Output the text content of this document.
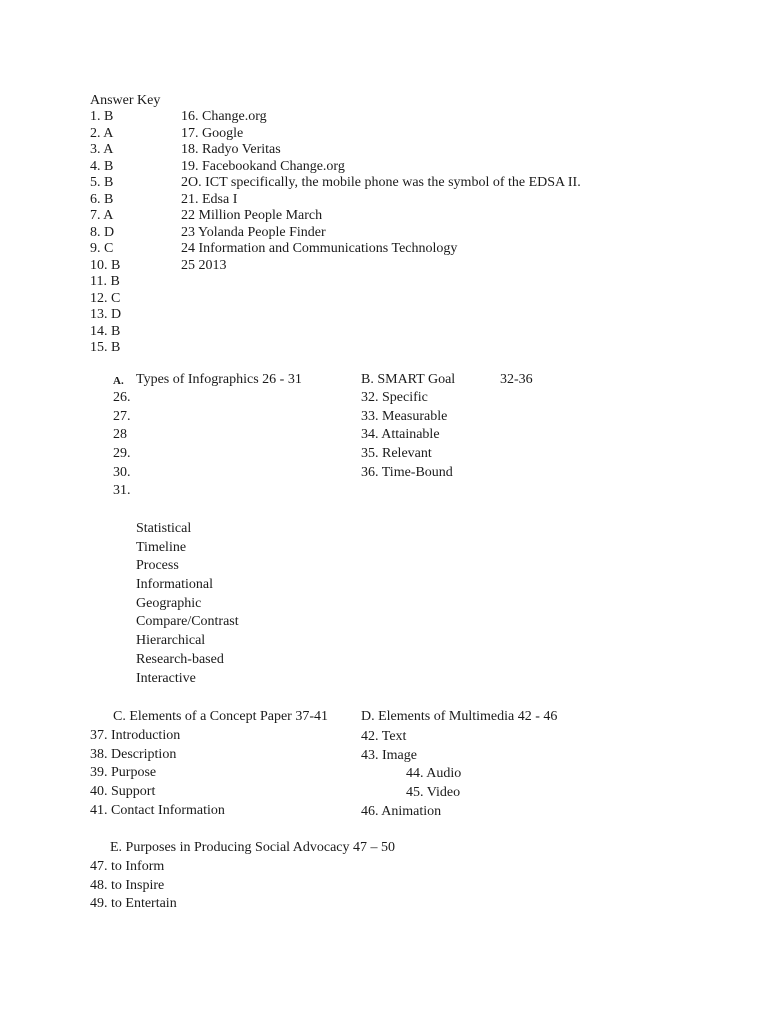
Answer Key
1. B
2. A
3. A
4. B
5. B
6. B
7. A
8. D
9. C
10. B
11. B
12. C
13. D
14. B
15. B
16. Change.org
17. Google
18. Radyo Veritas
19. Facebookand Change.org
2O. ICT specifically, the mobile phone was the symbol of the EDSA II.
21. Edsa I
22 Million People March
23 Yolanda People Finder
24 Information and Communications Technology
25 2013
A. Types of Infographics 26 - 31
26.
27.
28
29.
30.
31.
B. SMART Goal	32-36
32. Specific
33. Measurable
34. Attainable
35. Relevant
36. Time-Bound
Statistical
Timeline
Process
Informational
Geographic
Compare/Contrast
Hierarchical
Research-based
Interactive
C. Elements of a Concept Paper 37-41
37. Introduction
38. Description
39. Purpose
40. Support
41. Contact Information
D. Elements of Multimedia 42 - 46
42. Text
43. Image
44. Audio
45. Video
46. Animation
E. Purposes in Producing Social Advocacy 47 – 50
47. to Inform
48. to Inspire
49. to Entertain
